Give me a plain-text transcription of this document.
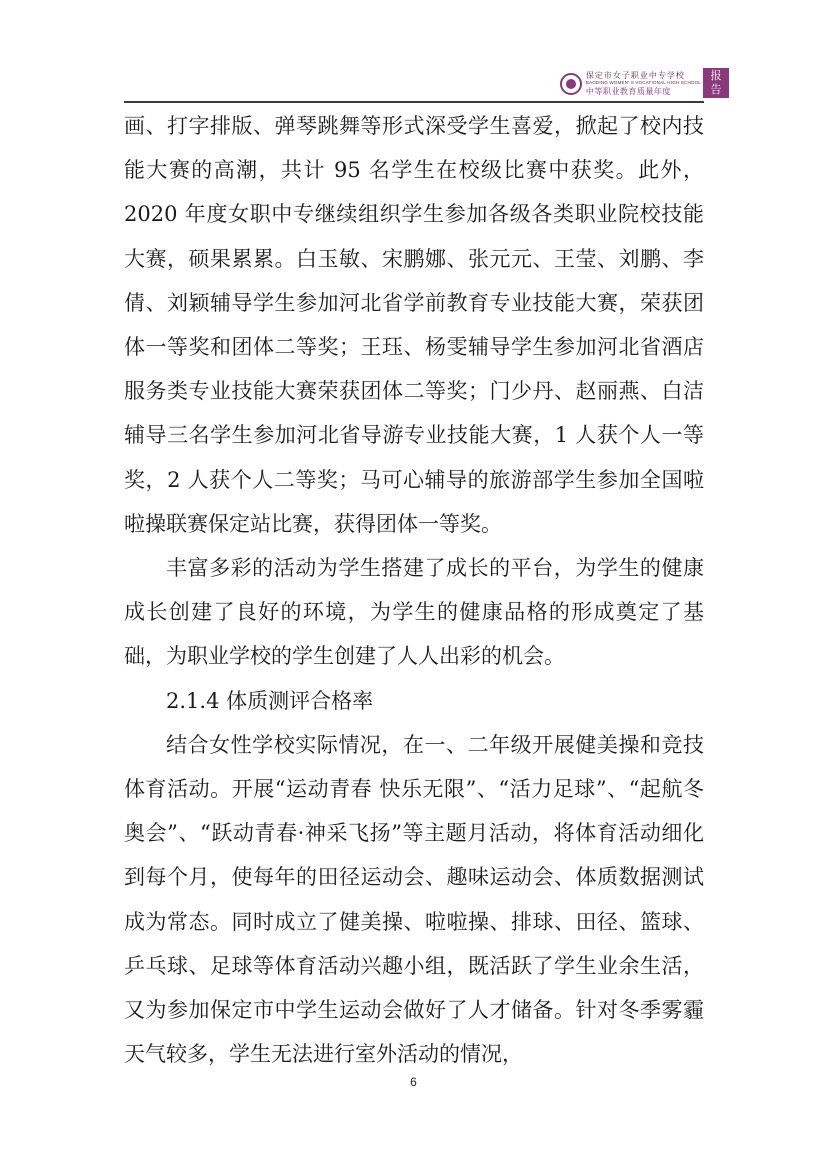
保定市女子职业中专学校
BAODING WOMEN' S VOCATIONAL HIGH SCHOOL
中等职业教育质量年度
报
告

画、打字排版、弹琴跳舞等形式深受学生喜爱，掀起了校内技能大赛的高潮，共计 95 名学生在校级比赛中获奖。此外，2020 年度女职中专继续组织学生参加各级各类职业院校技能大赛，硕果累累。白玉敏、宋鹏娜、张元元、王莹、刘鹏、李倩、刘颖辅导学生参加河北省学前教育专业技能大赛，荣获团体一等奖和团体二等奖；王珏、杨雯辅导学生参加河北省酒店服务类专业技能大赛荣获团体二等奖；门少丹、赵丽燕、白洁辅导三名学生参加河北省导游专业技能大赛，1 人获个人一等奖，2 人获个人二等奖；马可心辅导的旅游部学生参加全国啦啦操联赛保定站比赛，获得团体一等奖。

丰富多彩的活动为学生搭建了成长的平台，为学生的健康成长创建了良好的环境，为学生的健康品格的形成奠定了基础，为职业学校的学生创建了人人出彩的机会。

2.1.4 体质测评合格率

结合女性学校实际情况，在一、二年级开展健美操和竞技体育活动。开展“运动青春 快乐无限”、“活力足球”、“起航冬奥会”、“跃动青春·神采飞扬”等主题月活动，将体育活动细化到每个月，使每年的田径运动会、趣味运动会、体质数据测试成为常态。同时成立了健美操、啦啦操、排球、田径、篮球、乒乓球、足球等体育活动兴趣小组，既活跃了学生业余生活，又为参加保定市中学生运动会做好了人才储备。针对冬季雾霾天气较多，学生无法进行室外活动的情况，

6
